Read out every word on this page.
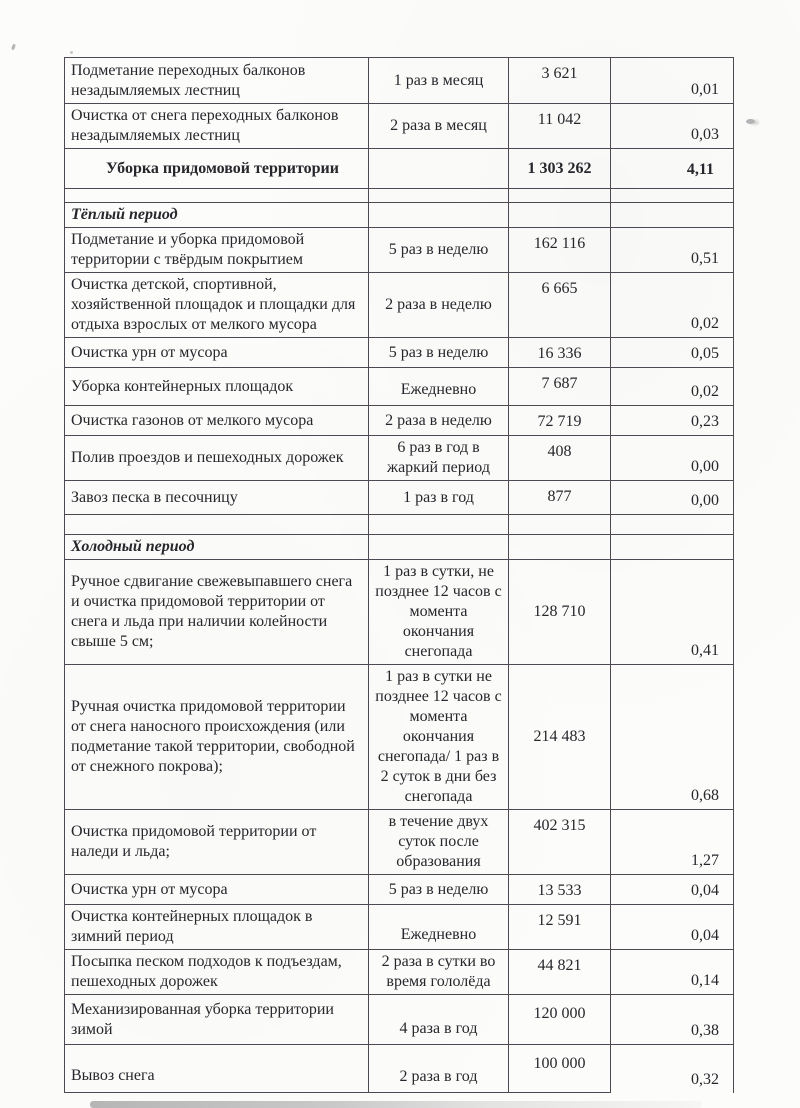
Подметание переходных балконов незадымляемых лестниц	1 раз в месяц	3 621	0,01
Очистка от снега переходных балконов незадымляемых лестниц	2 раза в месяц	11 042	0,03
Уборка придомовой территории		1 303 262	4,11

Тёплый период			
Подметание и уборка придомовой территории с твёрдым покрытием	5 раз в неделю	162 116	0,51
Очистка детской, спортивной, хозяйственной площадок и площадки для отдыха взрослых от мелкого мусора	2 раза в неделю	6 665	0,02
Очистка урн от мусора	5 раз в неделю	16 336	0,05
Уборка контейнерных площадок	Ежедневно	7 687	0,02
Очистка газонов от мелкого мусора	2 раза в неделю	72 719	0,23
Полив проездов и пешеходных дорожек	6 раз в год в жаркий период	408	0,00
Завоз песка в песочницу	1 раз в год	877	0,00

Холодный период			
Ручное сдвигание свежевыпавшего снега и очистка придомовой территории от снега и льда при наличии колейности свыше 5 см;	1 раз в сутки, не позднее 12 часов с момента окончания снегопада	128 710	0,41
Ручная очистка придомовой территории от снега наносного происхождения (или подметание такой территории, свободной от снежного покрова);	1 раз в сутки не позднее 12 часов с момента окончания снегопада/ 1 раз в 2 суток в дни без снегопада	214 483	0,68
Очистка придомовой территории от наледи и льда;	в течение двух суток после образования	402 315	1,27
Очистка урн от мусора	5 раз в неделю	13 533	0,04
Очистка контейнерных площадок в зимний период	Ежедневно	12 591	0,04
Посыпка песком подходов к подъездам, пешеходных дорожек	2 раза в сутки во время гололёда	44 821	0,14
Механизированная уборка территории зимой	4 раза в год	120 000	0,38
Вывоз снега	2 раза в год	100 000	0,32
